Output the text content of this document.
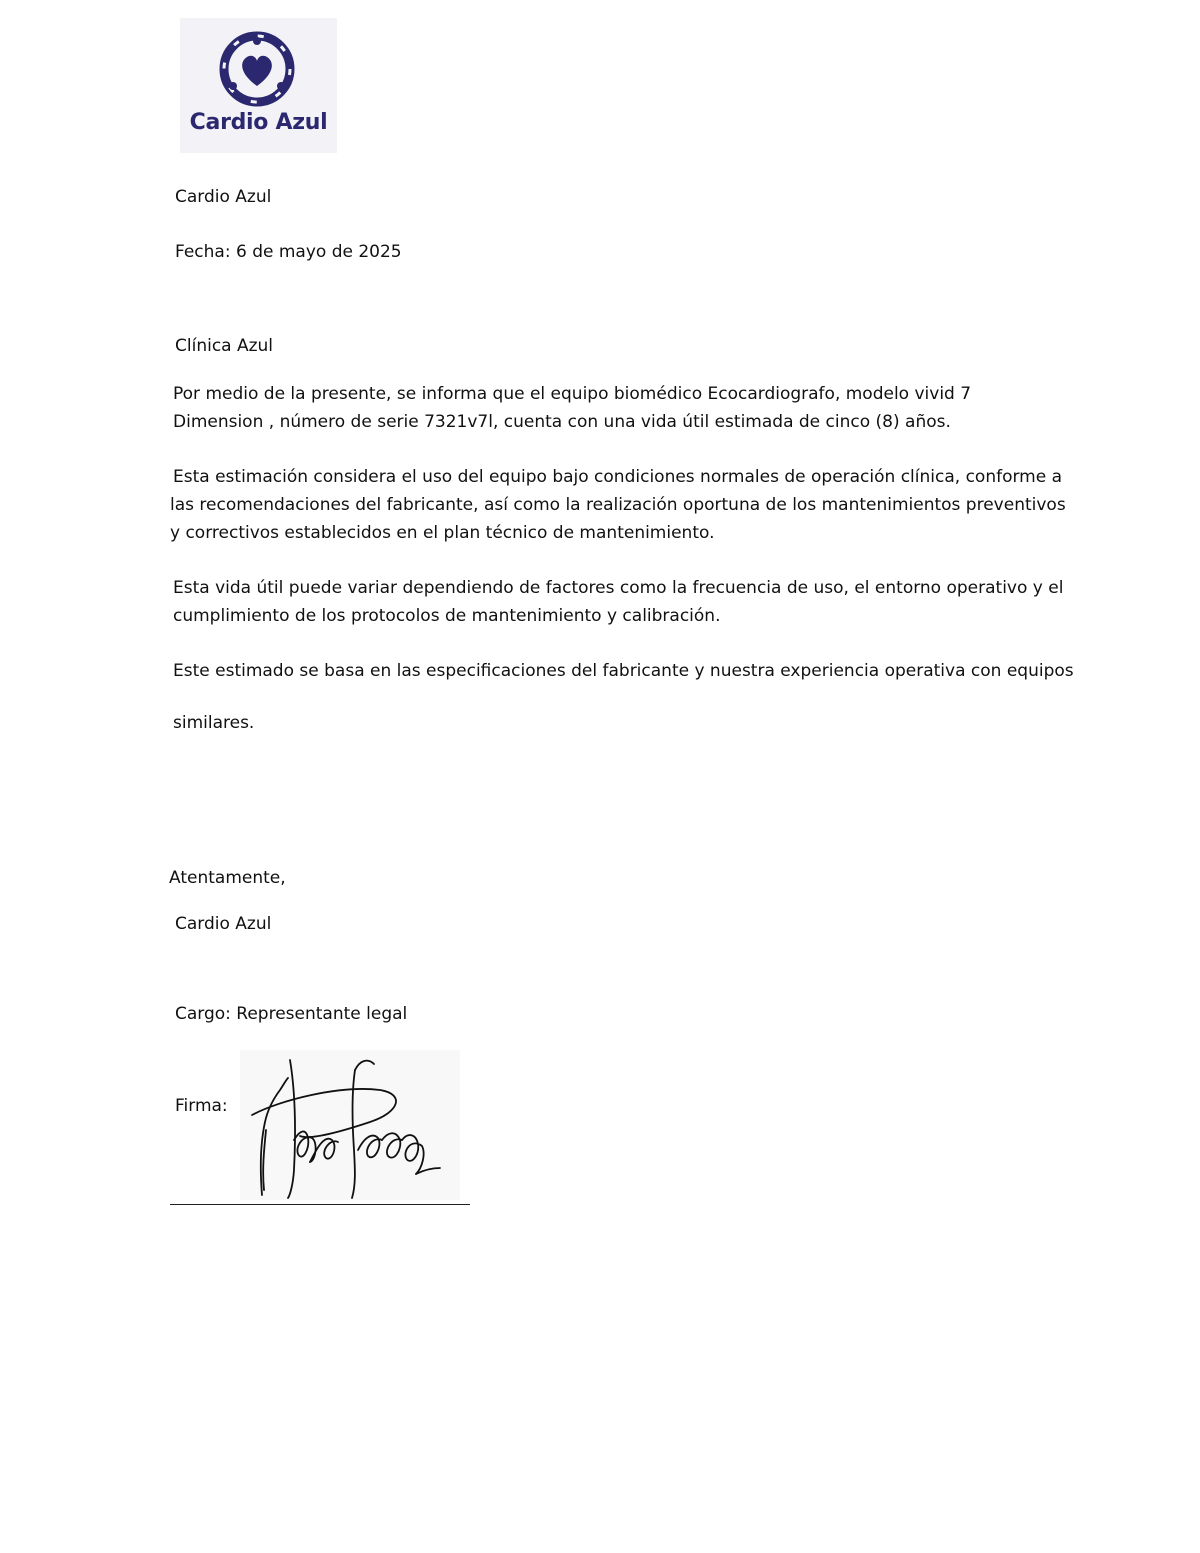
Cardio Azul
Cardio Azul
Fecha: 6 de mayo de 2025
Clínica Azul
Por medio de la presente, se informa que el equipo biomédico Ecocardiografo, modelo vivid 7
Dimension , número de serie 7321v7l, cuenta con una vida útil estimada de cinco (8) años.
Esta estimación considera el uso del equipo bajo condiciones normales de operación clínica, conforme a
las recomendaciones del fabricante, así como la realización oportuna de los mantenimientos preventivos
y correctivos establecidos en el plan técnico de mantenimiento.
Esta vida útil puede variar dependiendo de factores como la frecuencia de uso, el entorno operativo y el
cumplimiento de los protocolos de mantenimiento y calibración.
Este estimado se basa en las especificaciones del fabricante y nuestra experiencia operativa con equipos
similares.
Atentamente,
Cardio Azul
Cargo: Representante legal
Firma:
